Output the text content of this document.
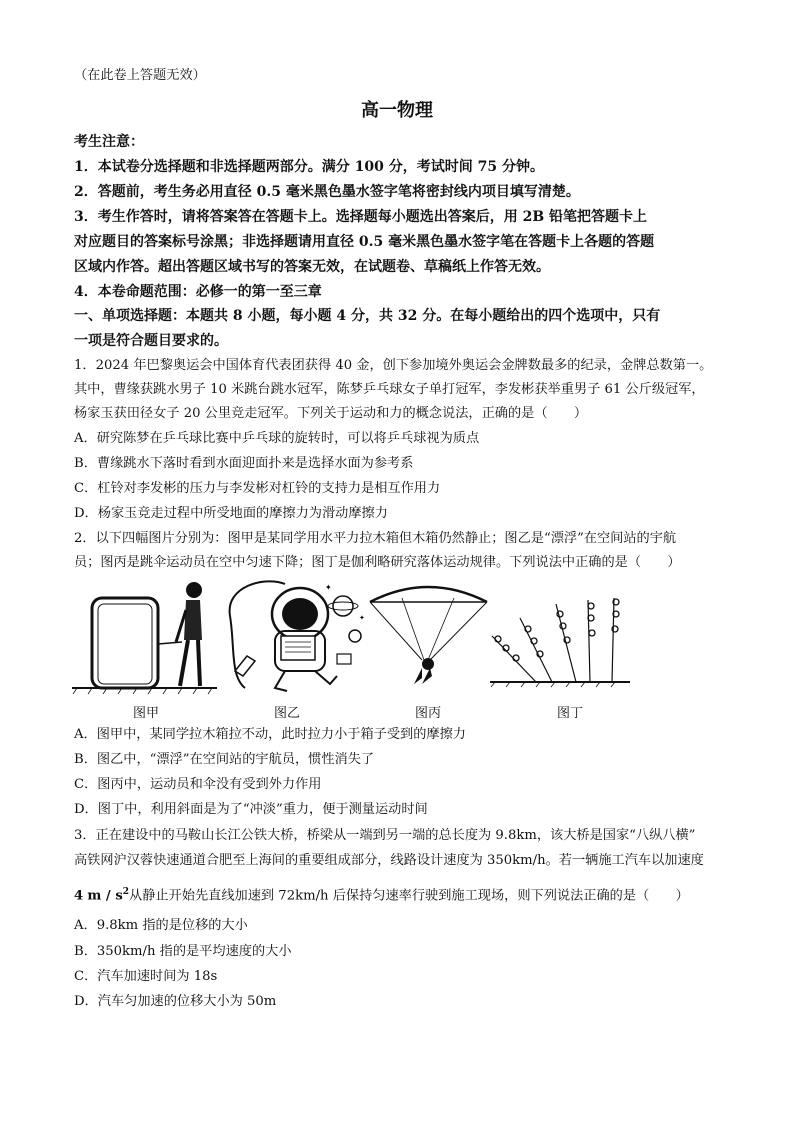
（在此卷上答题无效）
高一物理
考生注意：
1．本试卷分选择题和非选择题两部分。满分 100 分，考试时间 75 分钟。
2．答题前，考生务必用直径 0.5 毫米黑色墨水签字笔将密封线内项目填写清楚。
3．考生作答时，请将答案答在答题卡上。选择题每小题选出答案后，用 2B 铅笔把答题卡上
对应题目的答案标号涂黑；非选择题请用直径 0.5 毫米黑色墨水签字笔在答题卡上各题的答题
区域内作答。超出答题区域书写的答案无效，在试题卷、草稿纸上作答无效。
4．本卷命题范围：必修一的第一至三章
一、单项选择题：本题共 8 小题，每小题 4 分，共 32 分。在每小题给出的四个选项中，只有
一项是符合题目要求的。
1．2024 年巴黎奥运会中国体育代表团获得 40 金，创下参加境外奥运会金牌数最多的纪录，金牌总数第一。
其中，曹缘获跳水男子 10 米跳台跳水冠军，陈梦乒乓球女子单打冠军，李发彬获举重男子 61 公斤级冠军，
杨家玉获田径女子 20 公里竞走冠军。下列关于运动和力的概念说法，正确的是（　　）
A．研究陈梦在乒乓球比赛中乒乓球的旋转时，可以将乒乓球视为质点
B．曹缘跳水下落时看到水面迎面扑来是选择水面为参考系
C．杠铃对李发彬的压力与李发彬对杠铃的支持力是相互作用力
D．杨家玉竞走过程中所受地面的摩擦力为滑动摩擦力
2．以下四幅图片分别为：图甲是某同学用水平力拉木箱但木箱仍然静止；图乙是“漂浮”在空间站的宇航
员；图丙是跳伞运动员在空中匀速下降；图丁是伽利略研究落体运动规律。下列说法中正确的是（　　）
✦
✦
图甲	图乙	图丙	图丁
A．图甲中，某同学拉木箱拉不动，此时拉力小于箱子受到的摩擦力
B．图乙中，“漂浮”在空间站的宇航员，惯性消失了
C．图丙中，运动员和伞没有受到外力作用
D．图丁中，利用斜面是为了“冲淡”重力，便于测量运动时间
3．正在建设中的马鞍山长江公铁大桥，桥梁从一端到另一端的总长度为 9.8km，该大桥是国家“八纵八横”
高铁网沪汉蓉快速通道合肥至上海间的重要组成部分，线路设计速度为 350km/h。若一辆施工汽车以加速度
4 m / $s^2$从静止开始先直线加速到 72km/h 后保持匀速率行驶到施工现场，则下列说法正确的是（　　）
A．9.8km 指的是位移的大小
B．350km/h 指的是平均速度的大小
C．汽车加速时间为 18s
D．汽车匀加速的位移大小为 50m
